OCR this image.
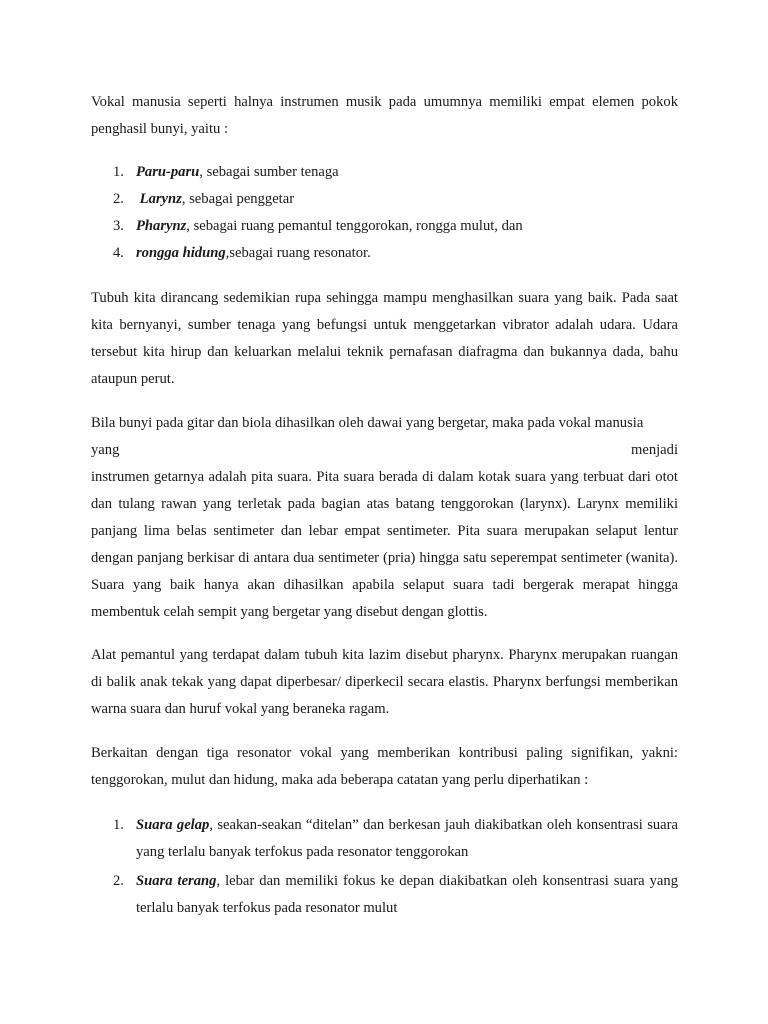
Vokal manusia seperti halnya instrumen musik pada umumnya memiliki empat elemen pokok penghasil bunyi, yaitu :

1. Paru-paru, sebagai sumber tenaga
2. Larynz, sebagai penggetar
3. Pharynz, sebagai ruang pemantul tenggorokan, rongga mulut, dan
4. rongga hidung,sebagai ruang resonator.

Tubuh kita dirancang sedemikian rupa sehingga mampu menghasilkan suara yang baik. Pada saat kita bernyanyi, sumber tenaga yang befungsi untuk menggetarkan vibrator adalah udara. Udara tersebut kita hirup dan keluarkan melalui teknik pernafasan diafragma dan bukannya dada, bahu ataupun perut.

Bila bunyi pada gitar dan biola dihasilkan oleh dawai yang bergetar, maka pada vokal manusia
yang	menjadi
instrumen getarnya adalah pita suara. Pita suara berada di dalam kotak suara yang terbuat dari otot dan tulang rawan yang terletak pada bagian atas batang tenggorokan (larynx). Larynx memiliki panjang lima belas sentimeter dan lebar empat sentimeter. Pita suara merupakan selaput lentur dengan panjang berkisar di antara dua sentimeter (pria) hingga satu seperempat sentimeter (wanita). Suara yang baik hanya akan dihasilkan apabila selaput suara tadi bergerak merapat hingga membentuk celah sempit yang bergetar yang disebut dengan glottis.

Alat pemantul yang terdapat dalam tubuh kita lazim disebut pharynx. Pharynx merupakan ruangan di balik anak tekak yang dapat diperbesar/ diperkecil secara elastis. Pharynx berfungsi memberikan warna suara dan huruf vokal yang beraneka ragam.

Berkaitan dengan tiga resonator vokal yang memberikan kontribusi paling signifikan, yakni: tenggorokan, mulut dan hidung, maka ada beberapa catatan yang perlu diperhatikan :

1. Suara gelap, seakan-seakan “ditelan” dan berkesan jauh diakibatkan oleh konsentrasi suara yang terlalu banyak terfokus pada resonator tenggorokan
2. Suara terang, lebar dan memiliki fokus ke depan diakibatkan oleh konsentrasi suara yang terlalu banyak terfokus pada resonator mulut
